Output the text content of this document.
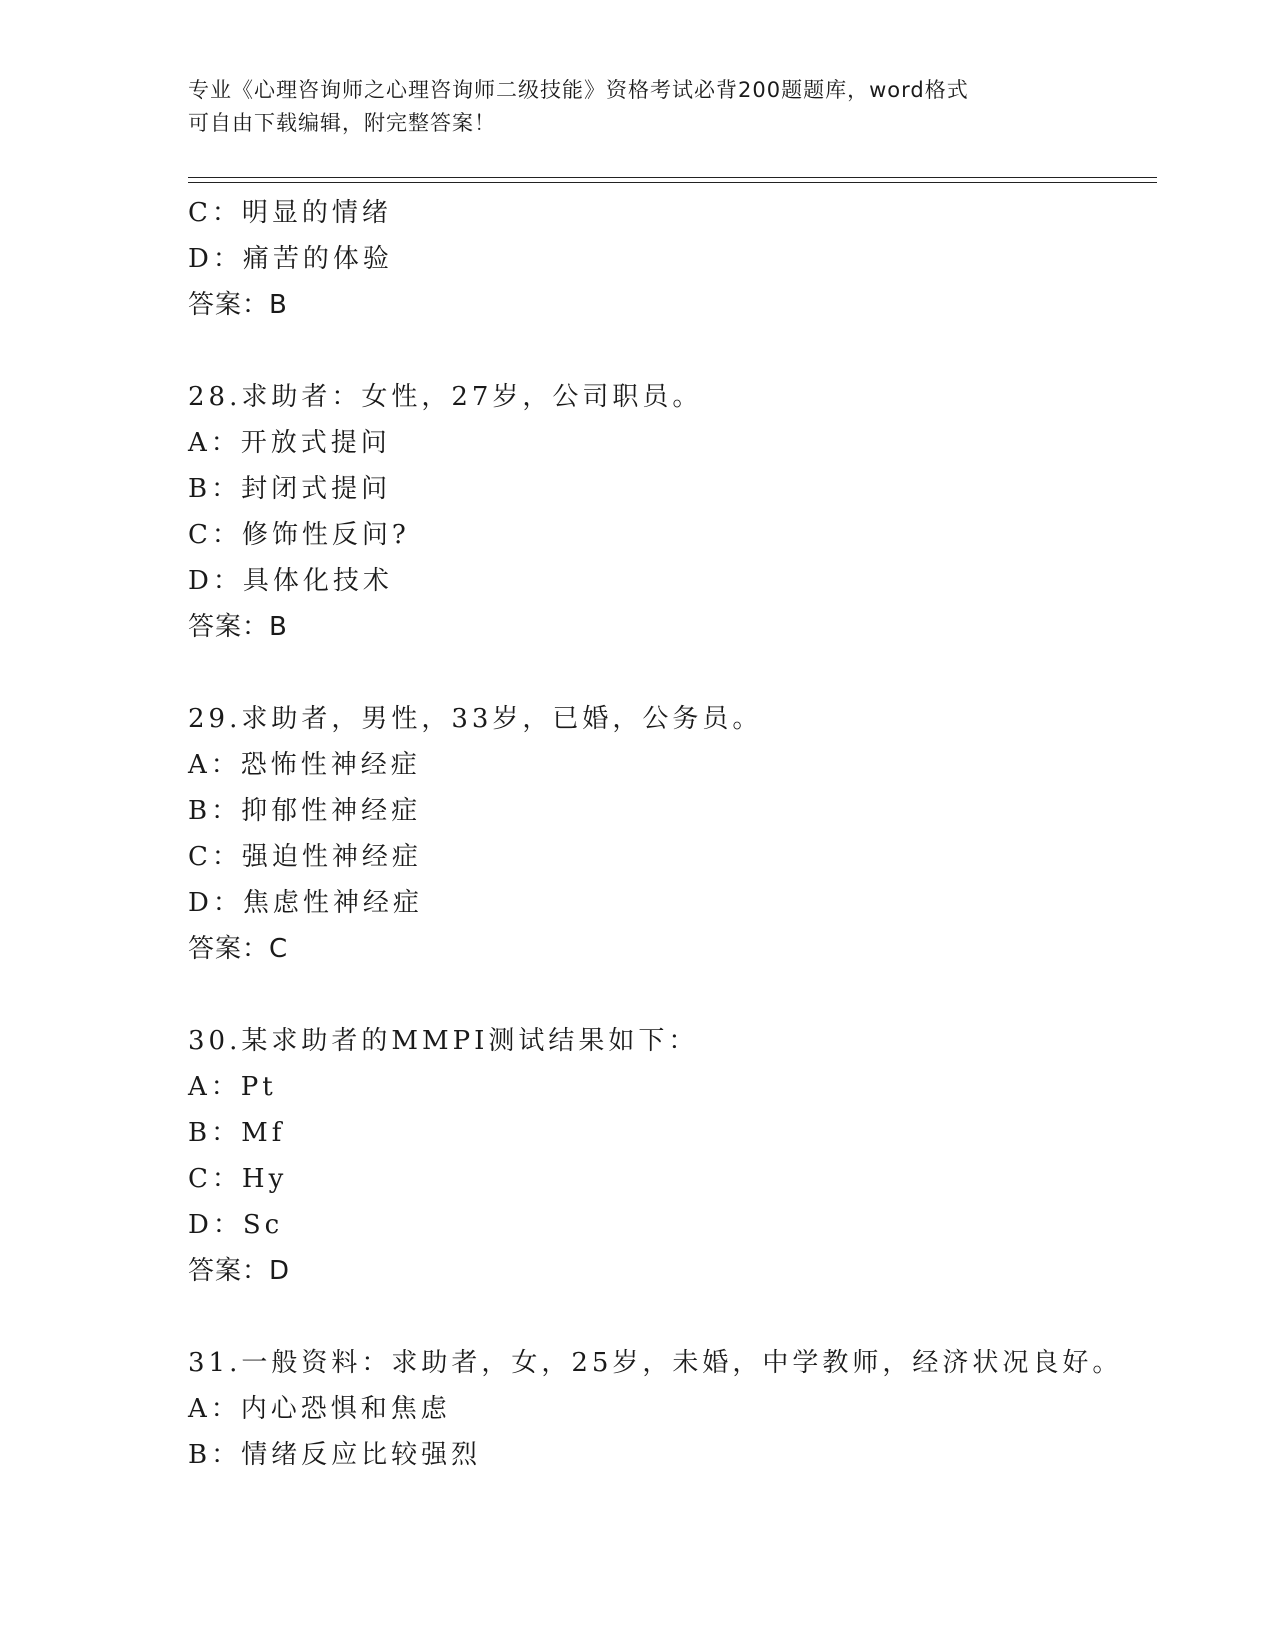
专业《心理咨询师之心理咨询师二级技能》资格考试必背200题题库，word格式
可自由下载编辑，附完整答案！
C：明显的情绪
D：痛苦的体验
答案：B
28.求助者：女性，27岁，公司职员。
A：开放式提问
B：封闭式提问
C：修饰性反问?
D：具体化技术
答案：B
29.求助者，男性，33岁，已婚，公务员。
A：恐怖性神经症
B：抑郁性神经症
C：强迫性神经症
D：焦虑性神经症
答案：C
30.某求助者的MMPI测试结果如下：
A：Pt
B：Mf
C：Hy
D：Sc
答案：D
31.一般资料：求助者，女，25岁，未婚，中学教师，经济状况良好。
A：内心恐惧和焦虑
B：情绪反应比较强烈
